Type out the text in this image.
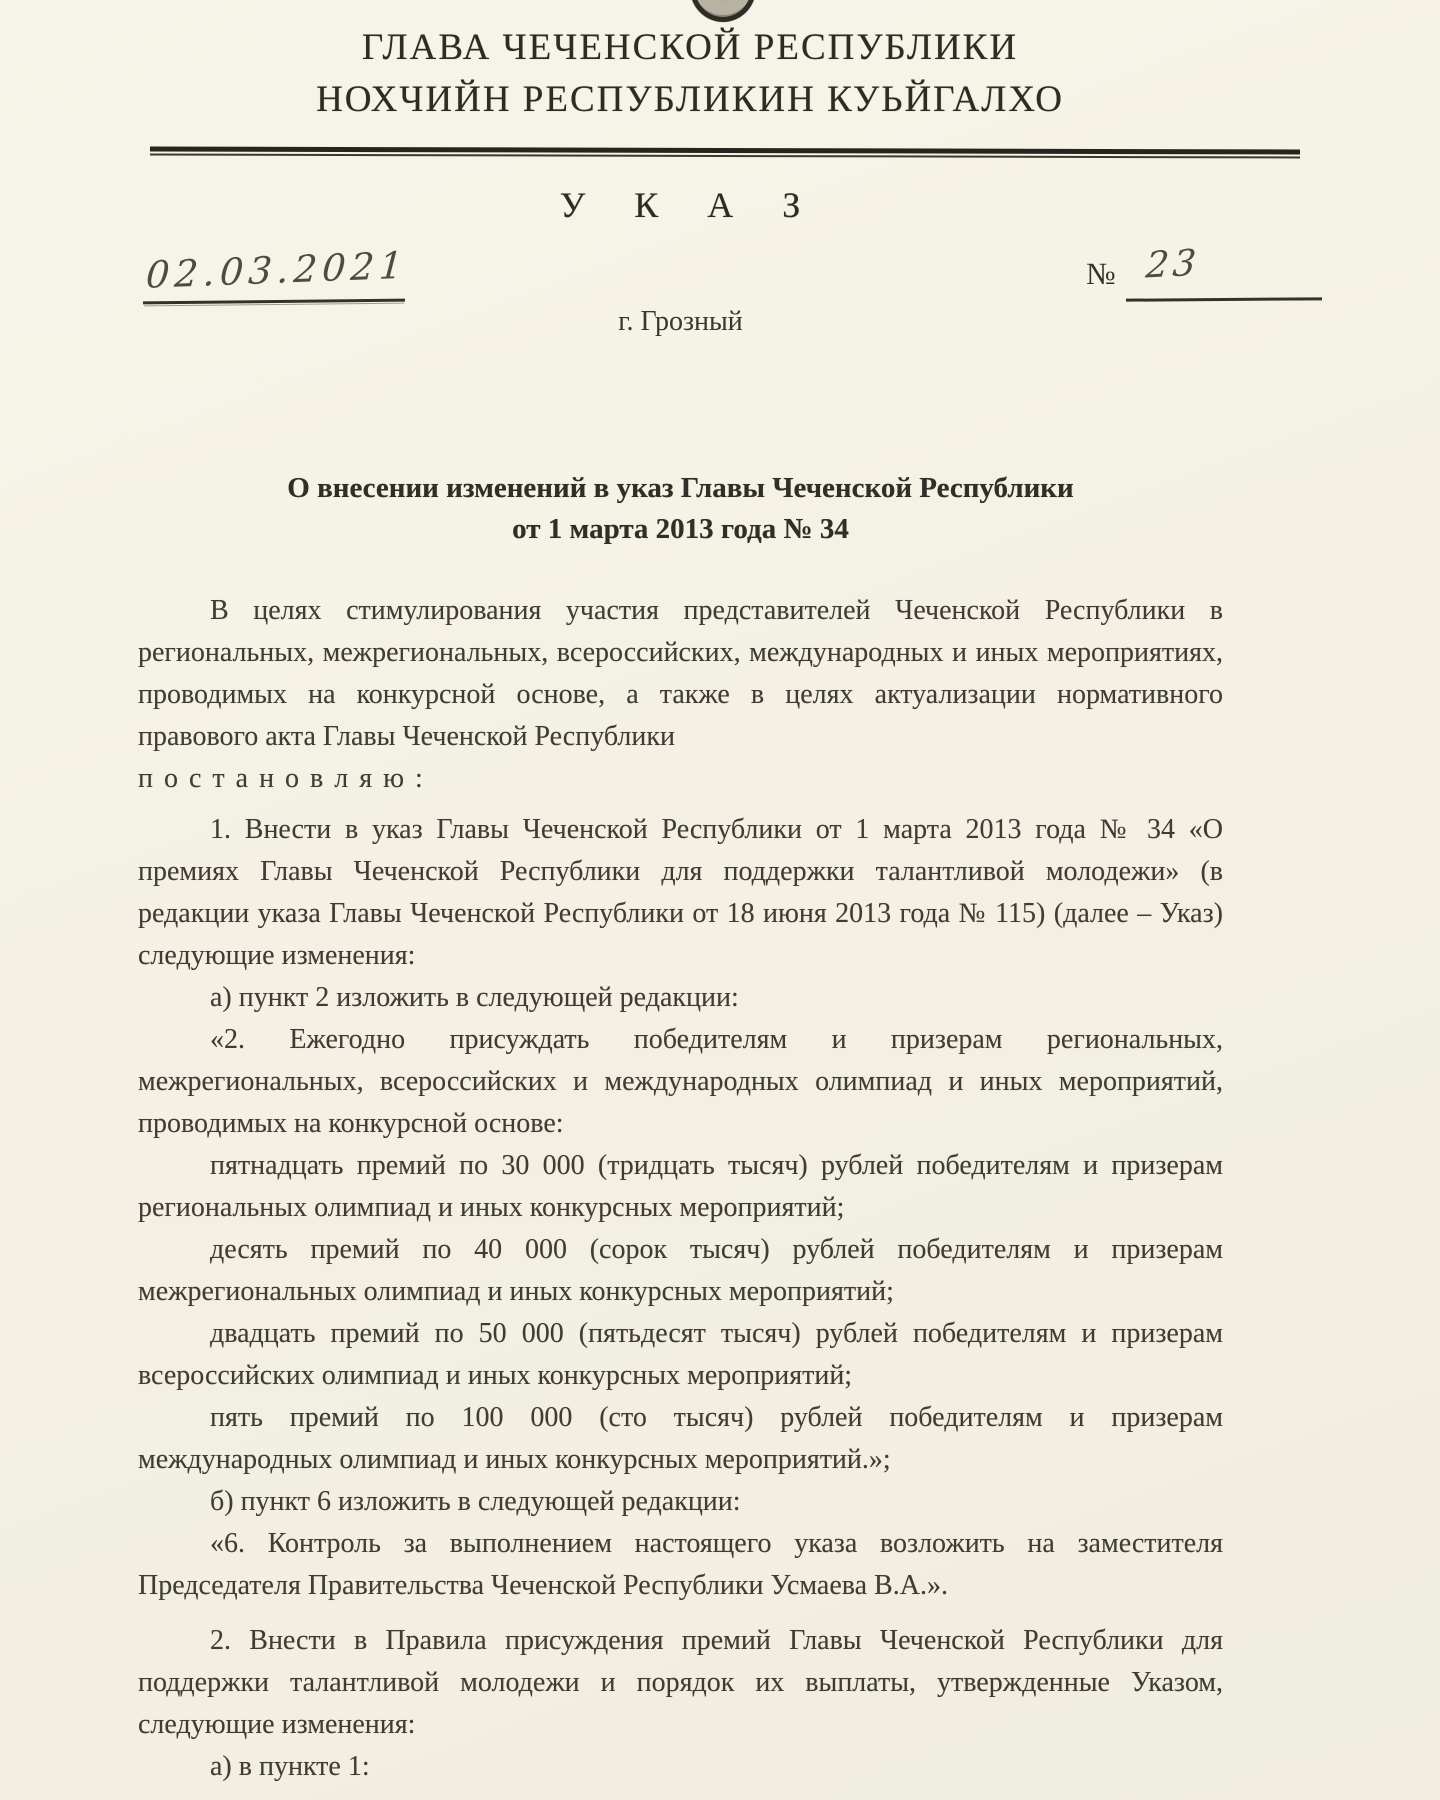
ГЛАВА ЧЕЧЕНСКОЙ РЕСПУБЛИКИ
НОХЧИЙН РЕСПУБЛИКИН КУЬЙГАЛХО
У К А З
02.03.2021	№ 23
г. Грозный
О внесении изменений в указ Главы Чеченской Республики
от 1 марта 2013 года № 34

В целях стимулирования участия представителей Чеченской Республики в региональных, межрегиональных, всероссийских, международных и иных мероприятиях, проводимых на конкурсной основе, а также в целях актуализации нормативного правового акта Главы Чеченской Республики

п о с т а н о в л я ю :

1. Внести в указ Главы Чеченской Республики от 1 марта 2013 года № 34 «О премиях Главы Чеченской Республики для поддержки талантливой молодежи» (в редакции указа Главы Чеченской Республики от 18 июня 2013 года № 115) (далее – Указ) следующие изменения:

а) пункт 2 изложить в следующей редакции:

«2. Ежегодно присуждать победителям и призерам региональных, межрегиональных, всероссийских и международных олимпиад и иных мероприятий, проводимых на конкурсной основе:

пятнадцать премий по 30 000 (тридцать тысяч) рублей победителям и призерам региональных олимпиад и иных конкурсных мероприятий;

десять премий по 40 000 (сорок тысяч) рублей победителям и призерам межрегиональных олимпиад и иных конкурсных мероприятий;

двадцать премий по 50 000 (пятьдесят тысяч) рублей победителям и призерам всероссийских олимпиад и иных конкурсных мероприятий;

пять премий по 100 000 (сто тысяч) рублей победителям и призерам международных олимпиад и иных конкурсных мероприятий.»;

б) пункт 6 изложить в следующей редакции:

«6. Контроль за выполнением настоящего указа возложить на заместителя Председателя Правительства Чеченской Республики Усмаева В.А.».

2. Внести в Правила присуждения премий Главы Чеченской Республики для поддержки талантливой молодежи и порядок их выплаты, утвержденные Указом, следующие изменения:

а) в пункте 1:
